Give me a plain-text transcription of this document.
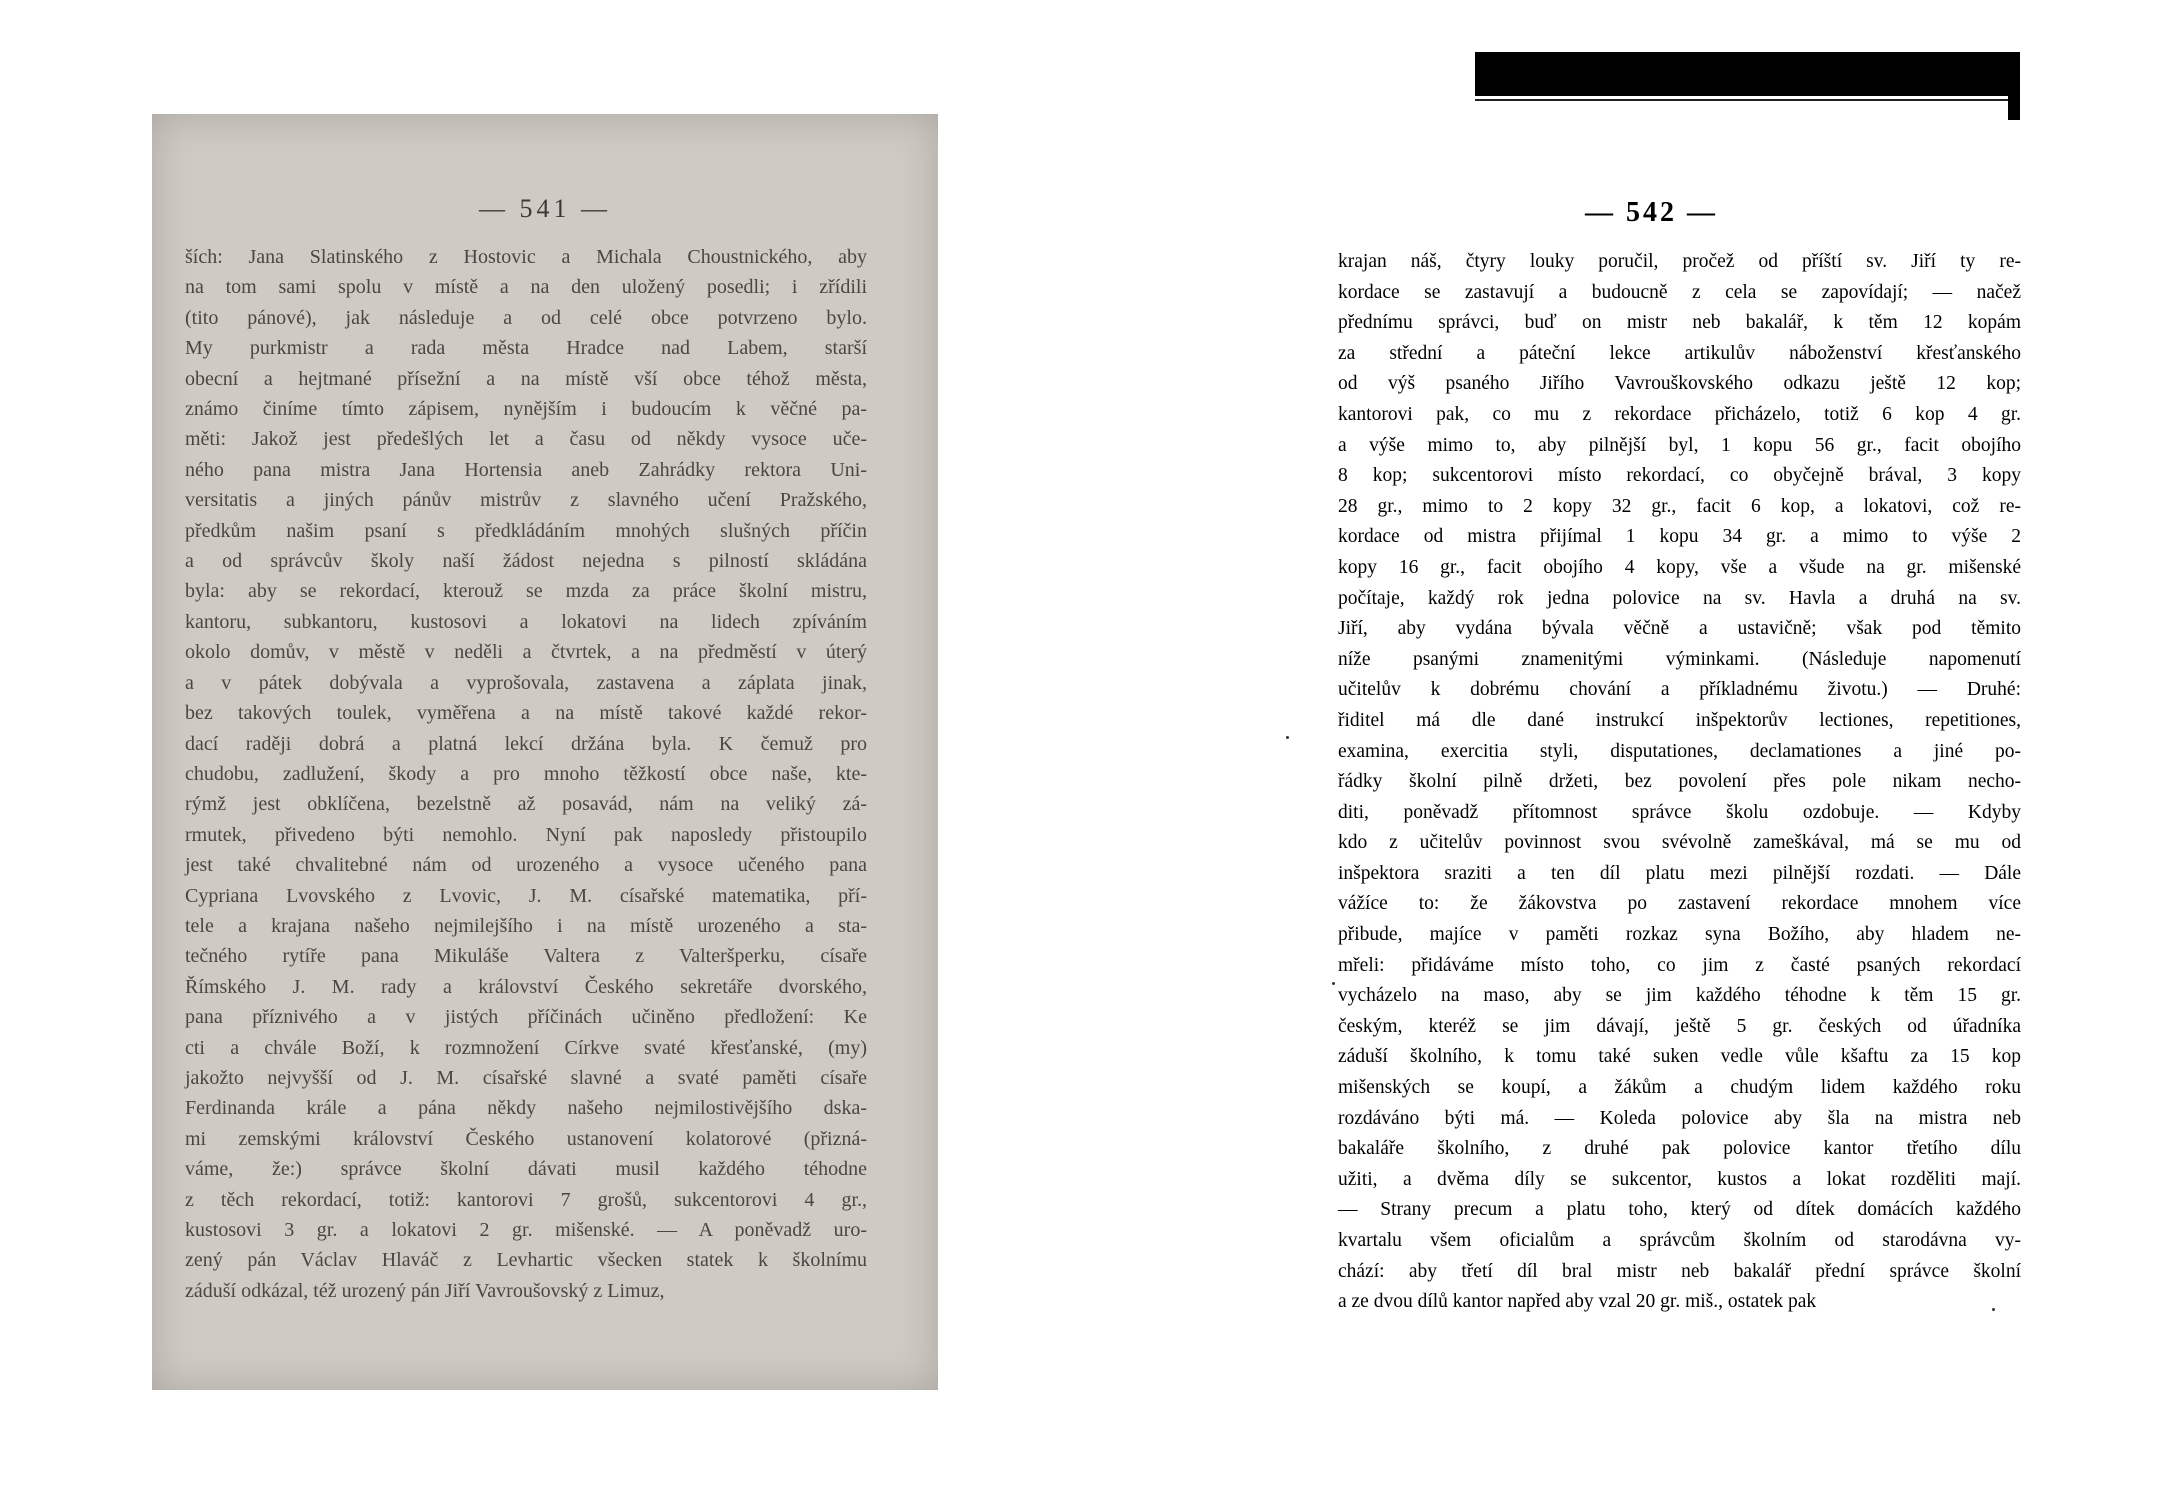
— 541 —
ších: Jana Slatinského z Hostovic a Michala Choustnického, aby
na tom sami spolu v místě a na den uložený posedli; i zřídili
(tito pánové), jak následuje a od celé obce potvrzeno bylo.
My purkmistr a rada města Hradce nad Labem, starší
obecní a hejtmané přísežní a na místě vší obce téhož města,
známo činíme tímto zápisem, nynějším i budoucím k věčné pa-
měti: Jakož jest předešlých let a času od někdy vysoce uče-
ného pana mistra Jana Hortensia aneb Zahrádky rektora Uni-
versitatis a jiných pánův mistrův z slavného učení Pražského,
předkům našim psaní s předkládáním mnohých slušných příčin
a od správcův školy naší žádost nejedna s pilností skládána
byla: aby se rekordací, kterouž se mzda za práce školní mistru,
kantoru, subkantoru, kustosovi a lokatovi na lidech zpíváním
okolo domův, v městě v neděli a čtvrtek, a na předměstí v úterý
a v pátek dobývala a vyprošovala, zastavena a záplata jinak,
bez takových toulek, vyměřena a na místě takové každé rekor-
dací raději dobrá a platná lekcí držána byla. K čemuž pro
chudobu, zadlužení, škody a pro mnoho těžkostí obce naše, kte-
rýmž jest obklíčena, bezelstně až posavád, nám na veliký zá-
rmutek, přivedeno býti nemohlo. Nyní pak naposledy přistoupilo
jest také chvalitebné nám od urozeného a vysoce učeného pana
Cypriana Lvovského z Lvovic, J. M. císařské matematika, pří-
tele a krajana našeho nejmilejšího i na místě urozeného a sta-
tečného rytíře pana Mikuláše Valtera z Valteršperku, císaře
Římského J. M. rady a království Českého sekretáře dvorského,
pana příznivého a v jistých příčinách učiněno předložení: Ke
cti a chvále Boží, k rozmnožení Církve svaté křesťanské, (my)
jakožto nejvyšší od J. M. císařské slavné a svaté paměti císaře
Ferdinanda krále a pána někdy našeho nejmilostivějšího dska-
mi zemskými království Českého ustanovení kolatorové (přizná-
váme, že:) správce školní dávati musil každého téhodne
z těch rekordací, totiž: kantorovi 7 grošů, sukcentorovi 4 gr.,
kustosovi 3 gr. a lokatovi 2 gr. mišenské. — A poněvadž uro-
zený pán Václav Hlaváč z Levhartic všecken statek k školnímu
záduší odkázal, též urozený pán Jiří Vavroušovský z Limuz,
— 542 —
krajan náš, čtyry louky poručil, pročež od příští sv. Jiří ty re-
kordace se zastavují a budoucně z cela se zapovídají; — načež
přednímu správci, buď on mistr neb bakalář, k těm 12 kopám
za střední a páteční lekce artikulův náboženství křesťanského
od výš psaného Jiřího Vavrouškovského odkazu ještě 12 kop;
kantorovi pak, co mu z rekordace přicházelo, totiž 6 kop 4 gr.
a výše mimo to, aby pilnější byl, 1 kopu 56 gr., facit obojího
8 kop; sukcentorovi místo rekordací, co obyčejně brával, 3 kopy
28 gr., mimo to 2 kopy 32 gr., facit 6 kop, a lokatovi, což re-
kordace od mistra přijímal 1 kopu 34 gr. a mimo to výše 2
kopy 16 gr., facit obojího 4 kopy, vše a všude na gr. mišenské
počítaje, každý rok jedna polovice na sv. Havla a druhá na sv.
Jiří, aby vydána bývala věčně a ustavičně; však pod těmito
níže psanými znamenitými výminkami. (Následuje napomenutí
učitelův k dobrému chování a příkladnému životu.) — Druhé:
řiditel má dle dané instrukcí inšpektorův lectiones, repetitiones,
examina, exercitia styli, disputationes, declamationes a jiné po-
řádky školní pilně držeti, bez povolení přes pole nikam necho-
diti, poněvadž přítomnost správce školu ozdobuje. — Kdyby
kdo z učitelův povinnost svou svévolně zameškával, má se mu od
inšpektora sraziti a ten díl platu mezi pilnější rozdati. — Dále
vážíce to: že žákovstva po zastavení rekordace mnohem více
přibude, majíce v paměti rozkaz syna Božího, aby hladem ne-
mřeli: přidáváme místo toho, co jim z časté psaných rekordací
vycházelo na maso, aby se jim každého téhodne k těm 15 gr.
českým, kteréž se jim dávají, ještě 5 gr. českých od úřadníka
záduší školního, k tomu také suken vedle vůle kšaftu za 15 kop
mišenských se koupí, a žákům a chudým lidem každého roku
rozdáváno býti má. — Koleda polovice aby šla na mistra neb
bakaláře školního, z druhé pak polovice kantor třetího dílu
užiti, a dvěma díly se sukcentor, kustos a lokat rozděliti mají.
— Strany precum a platu toho, který od dítek domácích každého
kvartalu všem oficialům a správcům školním od starodávna vy-
chází: aby třetí díl bral mistr neb bakalář přední správce školní
a ze dvou dílů kantor napřed aby vzal 20 gr. miš., ostatek pak
